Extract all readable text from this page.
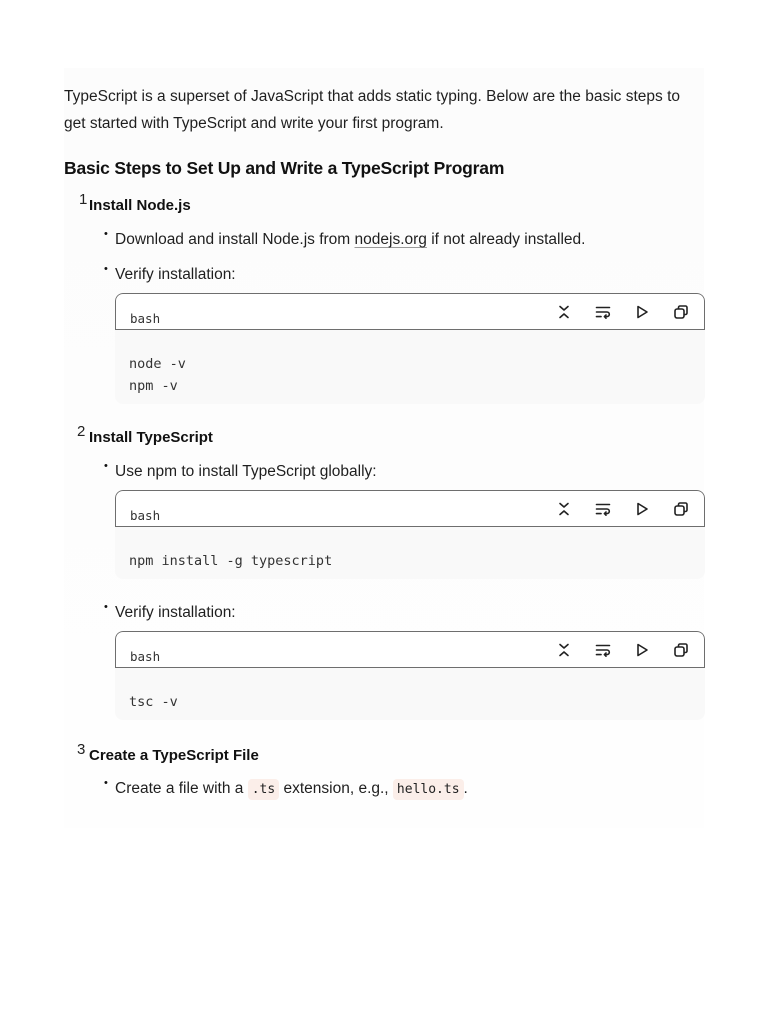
TypeScript is a superset of JavaScript that adds static typing. Below are the basic steps to get started with TypeScript and write your first program.

Basic Steps to Set Up and Write a TypeScript Program
1 Install Node.js
• Download and install Node.js from nodejs.org if not already installed.
• Verify installation:
bash
node -v
npm -v
2 Install TypeScript
• Use npm to install TypeScript globally:
bash
npm install -g typescript
• Verify installation:
bash
tsc -v
3 Create a TypeScript File
• Create a file with a .ts extension, e.g., hello.ts .
